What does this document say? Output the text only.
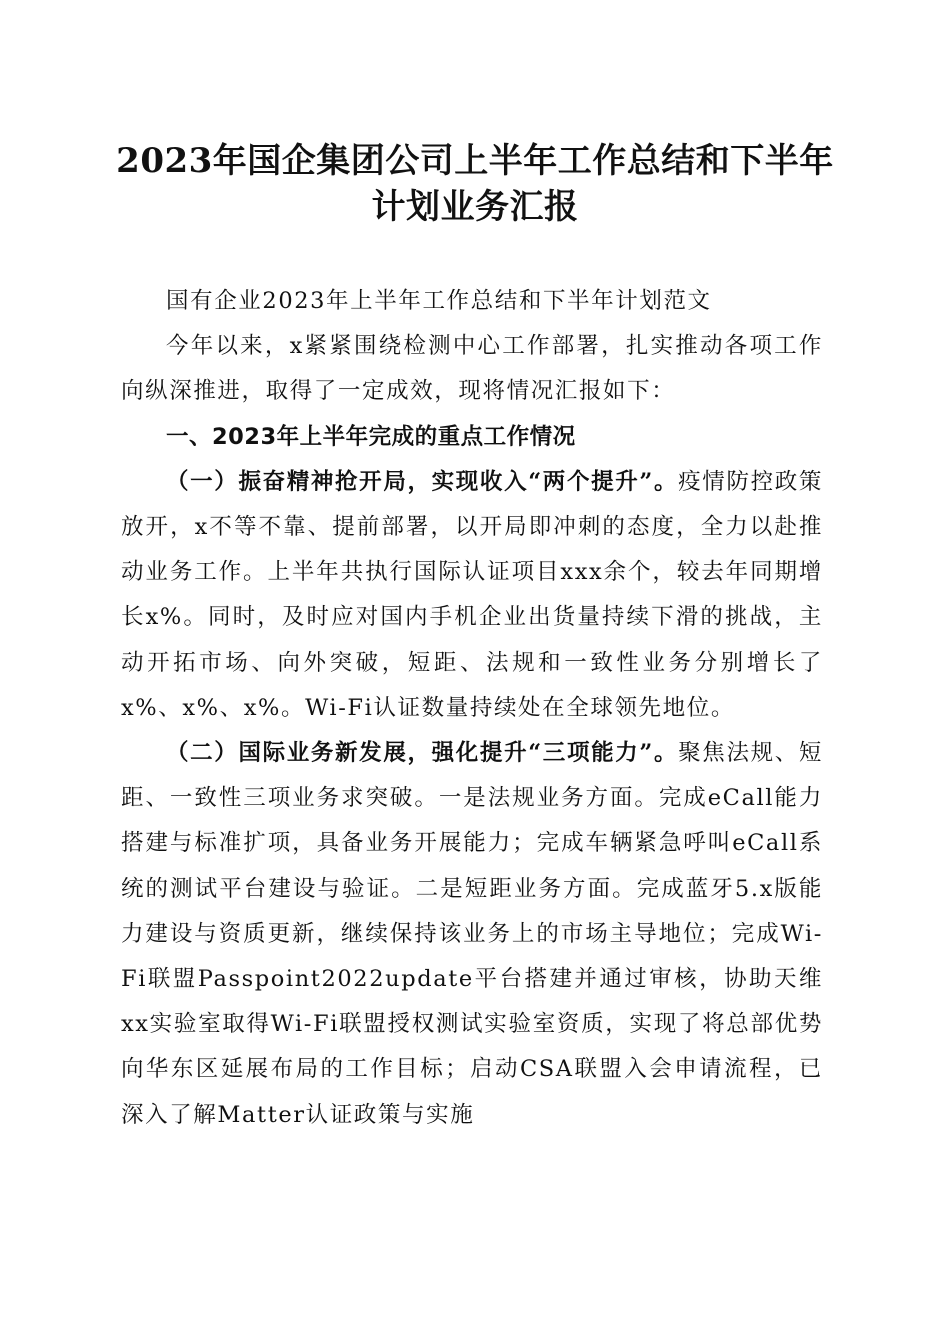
2023年国企集团公司上半年工作总结和下半年计划业务汇报

国有企业2023年上半年工作总结和下半年计划范文

今年以来，x紧紧围绕检测中心工作部署，扎实推动各项工作向纵深推进，取得了一定成效，现将情况汇报如下：

一、2023年上半年完成的重点工作情况

（一）振奋精神抢开局，实现收入“两个提升”。疫情防控政策放开，x不等不靠、提前部署，以开局即冲刺的态度，全力以赴推动业务工作。上半年共执行国际认证项目xxx余个，较去年同期增长x%。同时，及时应对国内手机企业出货量持续下滑的挑战，主动开拓市场、向外突破，短距、法规和一致性业务分别增长了x%、x%、x%。Wi-Fi认证数量持续处在全球领先地位。

（二）国际业务新发展，强化提升“三项能力”。聚焦法规、短距、一致性三项业务求突破。一是法规业务方面。完成eCall能力搭建与标准扩项，具备业务开展能力；完成车辆紧急呼叫eCall系统的测试平台建设与验证。二是短距业务方面。完成蓝牙5.x版能力建设与资质更新，继续保持该业务上的市场主导地位；完成Wi-Fi联盟Passpoint2022update平台搭建并通过审核，协助天维xx实验室取得Wi-Fi联盟授权测试实验室资质，实现了将总部优势向华东区延展布局的工作目标；启动CSA联盟入会申请流程，已深入了解Matter认证政策与实施
